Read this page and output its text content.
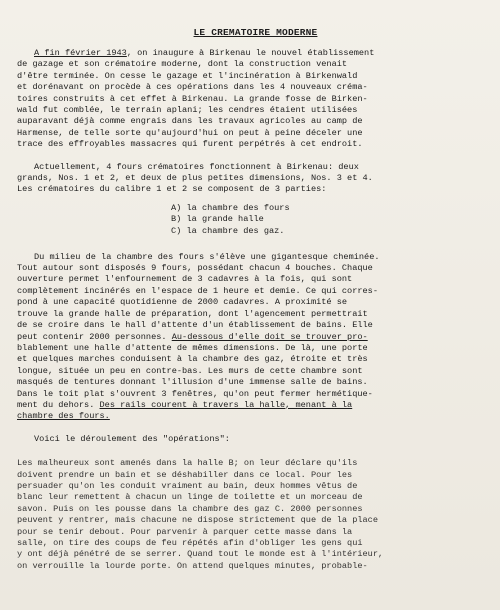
LE CREMATOIRE MODERNE
A fin février 1943, on inaugure à Birkenau le nouvel établissement
de gazage et son crématoire moderne, dont la construction venait
d'être terminée. On cesse le gazage et l'incinération à Birkenwald
et dorénavant on procède à ces opérations dans les 4 nouveaux créma-
toires construits à cet effet à Birkenau. La grande fosse de Birken-
wald fut comblée, le terrain aplani; les cendres étaient utilisées
auparavant déjà comme engrais dans les travaux agricoles au camp de
Harmense, de telle sorte qu'aujourd'hui on peut à peine déceler une
trace des effroyables massacres qui furent perpétrés à cet endroit.
Actuellement, 4 fours crématoires fonctionnent à Birkenau: deux
grands, Nos. 1 et 2, et deux de plus petites dimensions, Nos. 3 et 4.
Les crématoires du calibre 1 et 2 se composent de 3 parties:
A) la chambre des fours
B) la grande halle
C) la chambre des gaz.
Du milieu de la chambre des fours s'élève une gigantesque cheminée.
Tout autour sont disposés 9 fours, possédant chacun 4 bouches. Chaque
ouverture permet l'enfournement de 3 cadavres à la fois, qui sont
complètement incinérés en l'espace de 1 heure et demie. Ce qui corres-
pond à une capacité quotidienne de 2000 cadavres. A proximité se
trouve la grande halle de préparation, dont l'agencement permettrait
de se croire dans le hall d'attente d'un établissement de bains. Elle
peut contenir 2000 personnes. Au-dessous d'elle doit se trouver pro-
blablement une halle d'attente de mêmes dimensions. De là, une porte
et quelques marches conduisent à la chambre des gaz, étroite et très
longue, située un peu en contre-bas. Les murs de cette chambre sont
masqués de tentures donnant l'illusion d'une immense salle de bains.
Dans le toit plat s'ouvrent 3 fenêtres, qu'on peut fermer hermétique-
ment du dehors. Des rails courent à travers la halle, menant à la
chambre des fours.
Voici le déroulement des "opérations":
Les malheureux sont amenés dans la halle B; on leur déclare qu'ils
doivent prendre un bain et se déshabiller dans ce local. Pour les
persuader qu'on les conduit vraiment au bain, deux hommes vêtus de
blanc leur remettent à chacun un linge de toilette et un morceau de
savon. Puis on les pousse dans la chambre des gaz C. 2000 personnes
peuvent y rentrer, mais chacune ne dispose strictement que de la place
pour se tenir debout. Pour parvenir à parquer cette masse dans la
salle, on tire des coups de feu répétés afin d'obliger les gens qui
y ont déjà pénétré de se serrer. Quand tout le monde est à l'intérieur,
on verrouille la lourde porte. On attend quelques minutes, probable-
